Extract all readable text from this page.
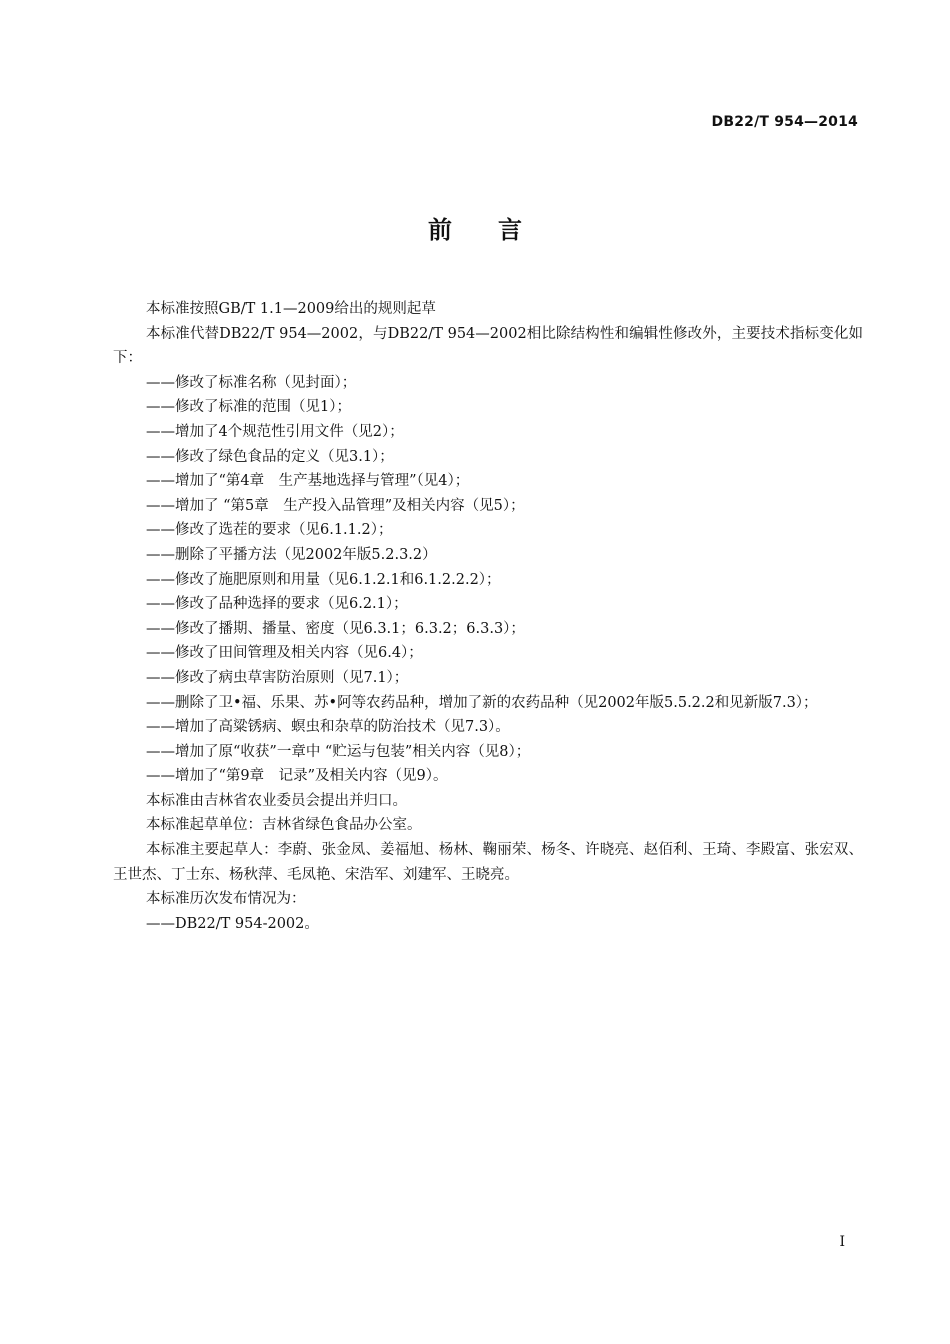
DB22/T 954—2014
前言

本标准按照GB/T 1.1—2009给出的规则起草

本标准代替DB22/T 954—2002，与DB22/T 954—2002相比除结构性和编辑性修改外，主要技术指标变化如下：

——修改了标准名称（见封面）；

——修改了标准的范围（见1）；

——增加了4个规范性引用文件（见2）；

——修改了绿色食品的定义（见3.1）；

——增加了“第4章　生产基地选择与管理”（见4）；

——增加了 “第5章　生产投入品管理”及相关内容（见5）；

——修改了选茬的要求（见6.1.1.2）；

——删除了平播方法（见2002年版5.2.3.2）

——修改了施肥原则和用量（见6.1.2.1和6.1.2.2.2）；

——修改了品种选择的要求（见6.2.1）；

——修改了播期、播量、密度（见6.3.1；6.3.2；6.3.3）；

——修改了田间管理及相关内容（见6.4）；

——修改了病虫草害防治原则（见7.1）；

——删除了卫•福、乐果、苏•阿等农药品种，增加了新的农药品种（见2002年版5.5.2.2和见新版7.3）；

——增加了高粱锈病、螟虫和杂草的防治技术（见7.3）。

——增加了原“收获”一章中 “贮运与包装”相关内容（见8）；

——增加了“第9章　记录”及相关内容（见9）。

本标准由吉林省农业委员会提出并归口。

本标准起草单位：吉林省绿色食品办公室。

本标准主要起草人：李蔚、张金凤、姜福旭、杨林、鞠丽荣、杨冬、许晓亮、赵佰利、王琦、李殿富、张宏双、王世杰、丁士东、杨秋萍、毛凤艳、宋浩军、刘建军、王晓亮。

本标准历次发布情况为：

——DB22/T 954-2002。

I
